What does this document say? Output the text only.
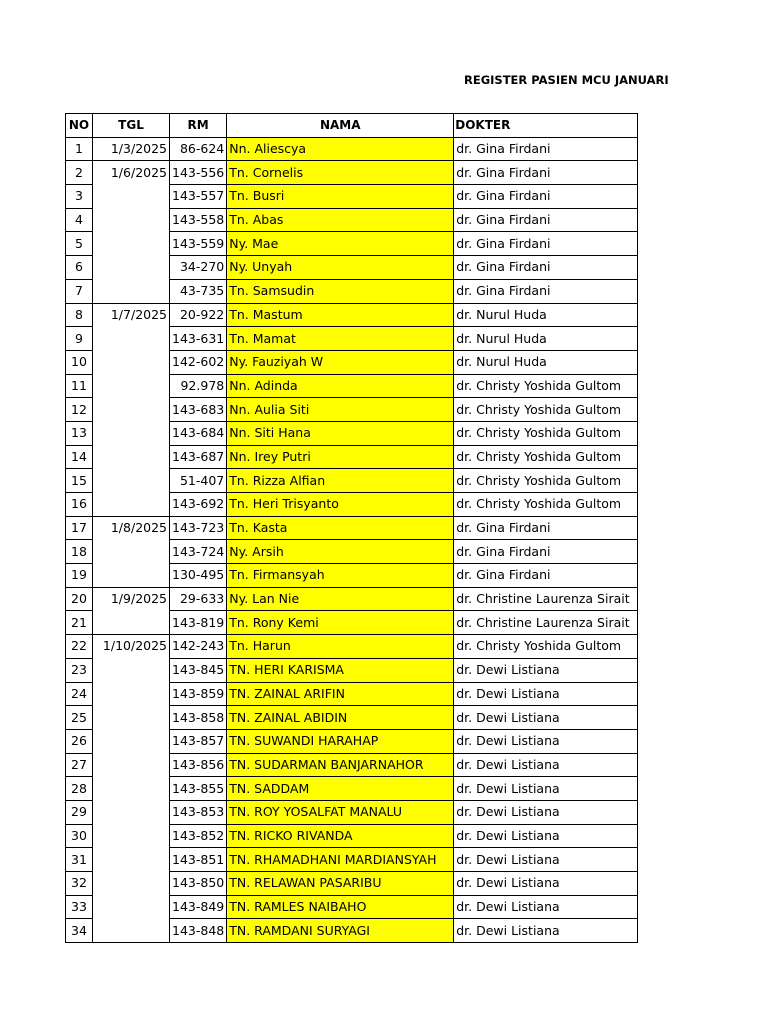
REGISTER PASIEN MCU JANUARI
NO	TGL	RM	NAMA	DOKTER
1	1/3/2025	86-624	Nn. Aliescya	dr. Gina Firdani
2	1/6/2025	143-556	Tn. Cornelis	dr. Gina Firdani
3		143-557	Tn. Busri	dr. Gina Firdani
4		143-558	Tn. Abas	dr. Gina Firdani
5		143-559	Ny. Mae	dr. Gina Firdani
6		34-270	Ny. Unyah	dr. Gina Firdani
7		43-735	Tn. Samsudin	dr. Gina Firdani
8	1/7/2025	20-922	Tn. Mastum	dr. Nurul Huda
9		143-631	Tn. Mamat	dr. Nurul Huda
10		142-602	Ny. Fauziyah W	dr. Nurul Huda
11		92.978	Nn. Adinda	dr. Christy Yoshida Gultom
12		143-683	Nn. Aulia Siti	dr. Christy Yoshida Gultom
13		143-684	Nn. Siti Hana	dr. Christy Yoshida Gultom
14		143-687	Nn. Irey Putri	dr. Christy Yoshida Gultom
15		51-407	Tn. Rizza Alfian	dr. Christy Yoshida Gultom
16		143-692	Tn. Heri Trisyanto	dr. Christy Yoshida Gultom
17	1/8/2025	143-723	Tn. Kasta	dr. Gina Firdani
18		143-724	Ny. Arsih	dr. Gina Firdani
19		130-495	Tn. Firmansyah	dr. Gina Firdani
20	1/9/2025	29-633	Ny. Lan Nie	dr. Christine Laurenza Sirait
21		143-819	Tn. Rony Kemi	dr. Christine Laurenza Sirait
22	1/10/2025	142-243	Tn. Harun	dr. Christy Yoshida Gultom
23		143-845	TN. HERI KARISMA	dr. Dewi Listiana
24		143-859	TN. ZAINAL ARIFIN	dr. Dewi Listiana
25		143-858	TN. ZAINAL ABIDIN	dr. Dewi Listiana
26		143-857	TN. SUWANDI HARAHAP	dr. Dewi Listiana
27		143-856	TN. SUDARMAN BANJARNAHOR	dr. Dewi Listiana
28		143-855	TN. SADDAM	dr. Dewi Listiana
29		143-853	TN. ROY YOSALFAT MANALU	dr. Dewi Listiana
30		143-852	TN. RICKO RIVANDA	dr. Dewi Listiana
31		143-851	TN. RHAMADHANI MARDIANSYAH	dr. Dewi Listiana
32		143-850	TN. RELAWAN PASARIBU	dr. Dewi Listiana
33		143-849	TN. RAMLES NAIBAHO	dr. Dewi Listiana
34		143-848	TN. RAMDANI SURYAGI	dr. Dewi Listiana
